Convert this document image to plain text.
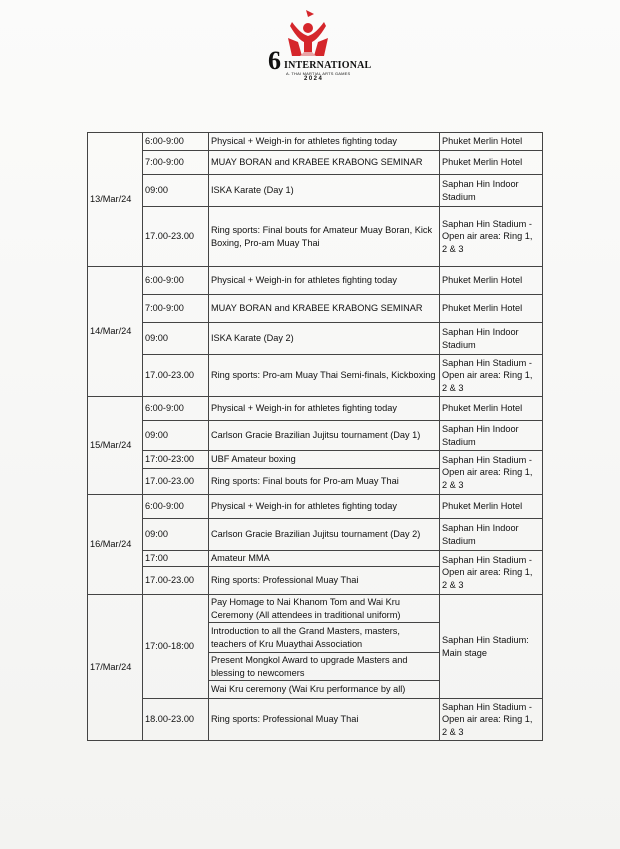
6 INTERNATIONAL
A. THAI MARTIAL ARTS GAMES
2024
13/Mar/24	6:00-9:00	Physical + Weigh-in for athletes fighting today	Phuket Merlin Hotel
	7:00-9:00	MUAY BORAN and KRABEE KRABONG SEMINAR	Phuket Merlin Hotel
	09:00	ISKA Karate (Day 1)	Saphan Hin Indoor Stadium
	17.00-23.00	Ring sports: Final bouts for Amateur Muay Boran, Kick Boxing, Pro-am Muay Thai	Saphan Hin Stadium - Open air area: Ring 1, 2 & 3
14/Mar/24	6:00-9:00	Physical + Weigh-in for athletes fighting today	Phuket Merlin Hotel
	7:00-9:00	MUAY BORAN and KRABEE KRABONG SEMINAR	Phuket Merlin Hotel
	09:00	ISKA Karate (Day 2)	Saphan Hin Indoor Stadium
	17.00-23.00	Ring sports: Pro-am Muay Thai Semi-finals, Kickboxing	Saphan Hin Stadium - Open air area: Ring 1, 2 & 3
15/Mar/24	6:00-9:00	Physical + Weigh-in for athletes fighting today	Phuket Merlin Hotel
	09:00	Carlson Gracie Brazilian Jujitsu tournament (Day 1)	Saphan Hin Indoor Stadium
	17:00-23:00	UBF Amateur boxing	Saphan Hin Stadium - Open air area: Ring 1, 2 & 3
	17.00-23.00	Ring sports: Final bouts for Pro-am Muay Thai	
16/Mar/24	6:00-9:00	Physical + Weigh-in for athletes fighting today	Phuket Merlin Hotel
	09:00	Carlson Gracie Brazilian Jujitsu tournament (Day 2)	Saphan Hin Indoor Stadium
	17:00	Amateur MMA	Saphan Hin Stadium - Open air area: Ring 1, 2 & 3
	17.00-23.00	Ring sports: Professional Muay Thai	
17/Mar/24	17:00-18:00	Pay Homage to Nai Khanom Tom and Wai Kru Ceremony (All attendees in traditional uniform)	Saphan Hin Stadium: Main stage
		Introduction to all the Grand Masters, masters, teachers of Kru Muaythai Association	
		Present Mongkol Award to upgrade Masters and blessing to newcomers	
		Wai Kru ceremony (Wai Kru performance by all)	
	18.00-23.00	Ring sports: Professional Muay Thai	Saphan Hin Stadium - Open air area: Ring 1, 2 & 3
